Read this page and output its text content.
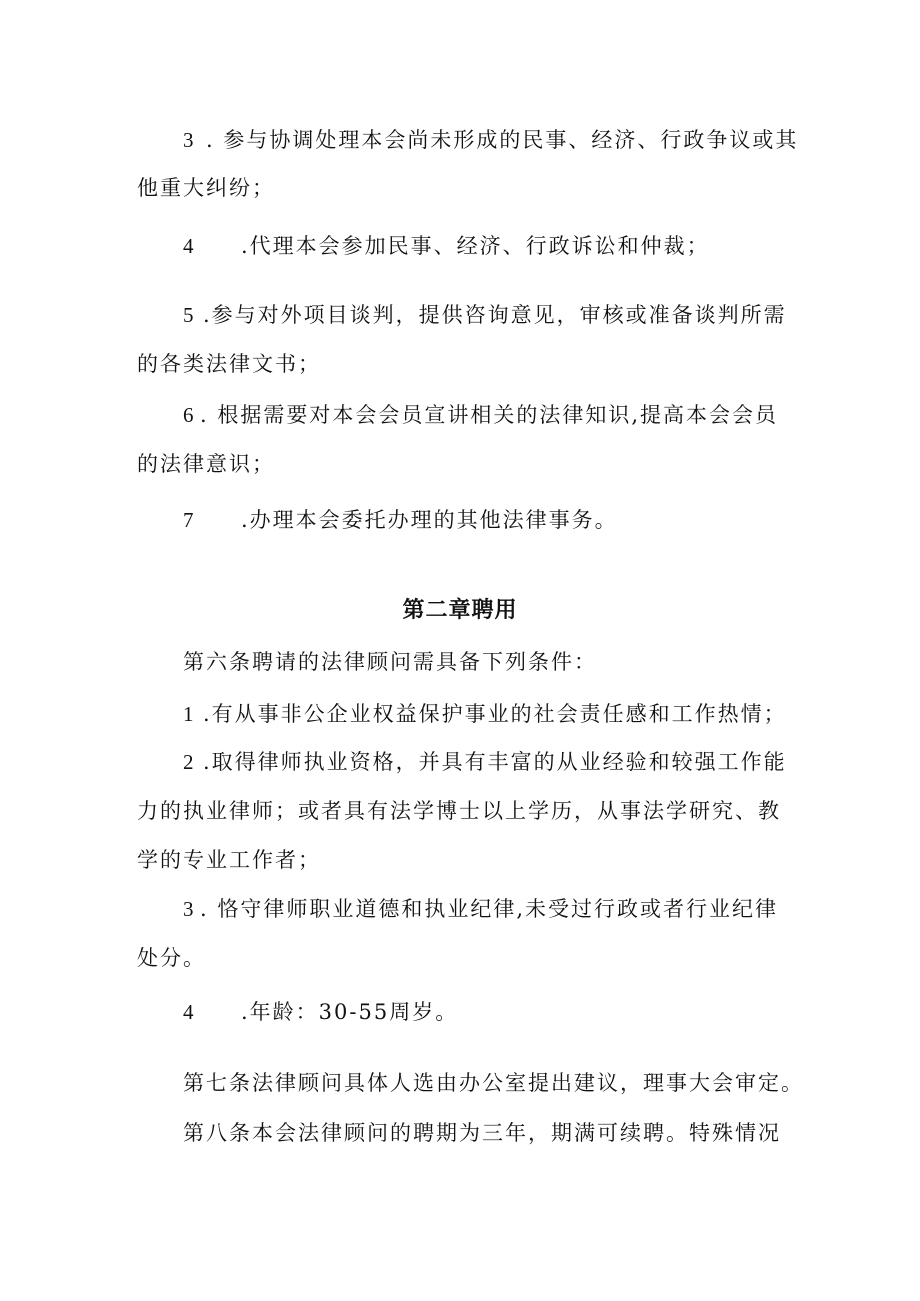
3 . 参与协调处理本会尚未形成的民事、经济、行政争议或其
他重大纠纷；
4 .代理本会参加民事、经济、行政诉讼和仲裁；
5 .参与对外项目谈判，提供咨询意见，审核或准备谈判所需
的各类法律文书；
6 . 根据需要对本会会员宣讲相关的法律知识,提高本会会员
的法律意识；
7 .办理本会委托办理的其他法律事务。
第二章聘用
第六条聘请的法律顾问需具备下列条件：
1 .有从事非公企业权益保护事业的社会责任感和工作热情；
2 .取得律师执业资格，并具有丰富的从业经验和较强工作能
力的执业律师；或者具有法学博士以上学历，从事法学研究、教
学的专业工作者；
3 . 恪守律师职业道德和执业纪律,未受过行政或者行业纪律
处分。
4 .年龄：30-55周岁。
第七条法律顾问具体人选由办公室提出建议，理事大会审定。
第八条本会法律顾问的聘期为三年，期满可续聘。特殊情况
